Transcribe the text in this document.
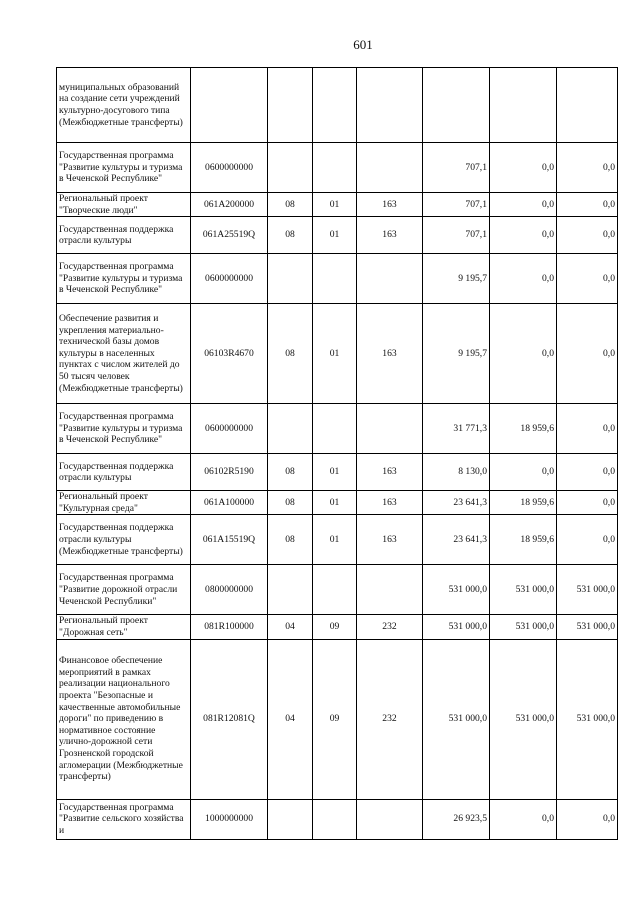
601
муниципальных образований на создание сети учреждений культурно-досугового типа (Межбюджетные трансферты)							
Государственная программа "Развитие культуры и туризма в Чеченской Республике"	0600000000				707,1	0,0	0,0
Региональный проект "Творческие люди"	061A200000	08	01	163	707,1	0,0	0,0
Государственная поддержка отрасли культуры	061A25519Q	08	01	163	707,1	0,0	0,0
Государственная программа "Развитие культуры и туризма в Чеченской Республике"	0600000000				9 195,7	0,0	0,0
Обеспечение развития и укрепления материально-технической базы домов культуры в населенных пунктах с числом жителей до 50 тысяч человек (Межбюджетные трансферты)	06103R4670	08	01	163	9 195,7	0,0	0,0
Государственная программа "Развитие культуры и туризма в Чеченской Республике"	0600000000				31 771,3	18 959,6	0,0
Государственная поддержка отрасли культуры	06102R5190	08	01	163	8 130,0	0,0	0,0
Региональный проект "Культурная среда"	061A100000	08	01	163	23 641,3	18 959,6	0,0
Государственная поддержка отрасли культуры (Межбюджетные трансферты)	061A15519Q	08	01	163	23 641,3	18 959,6	0,0
Государственная программа "Развитие дорожной отрасли Чеченской Республики"	0800000000				531 000,0	531 000,0	531 000,0
Региональный проект "Дорожная сеть"	081R100000	04	09	232	531 000,0	531 000,0	531 000,0
Финансовое обеспечение мероприятий в рамках реализации национального проекта "Безопасные и качественные автомобильные дороги" по приведению в нормативное состояние улично-дорожной сети Грозненской городской агломерации (Межбюджетные трансферты)	081R12081Q	04	09	232	531 000,0	531 000,0	531 000,0
Государственная программа "Развитие сельского хозяйства и	1000000000				26 923,5	0,0	0,0
